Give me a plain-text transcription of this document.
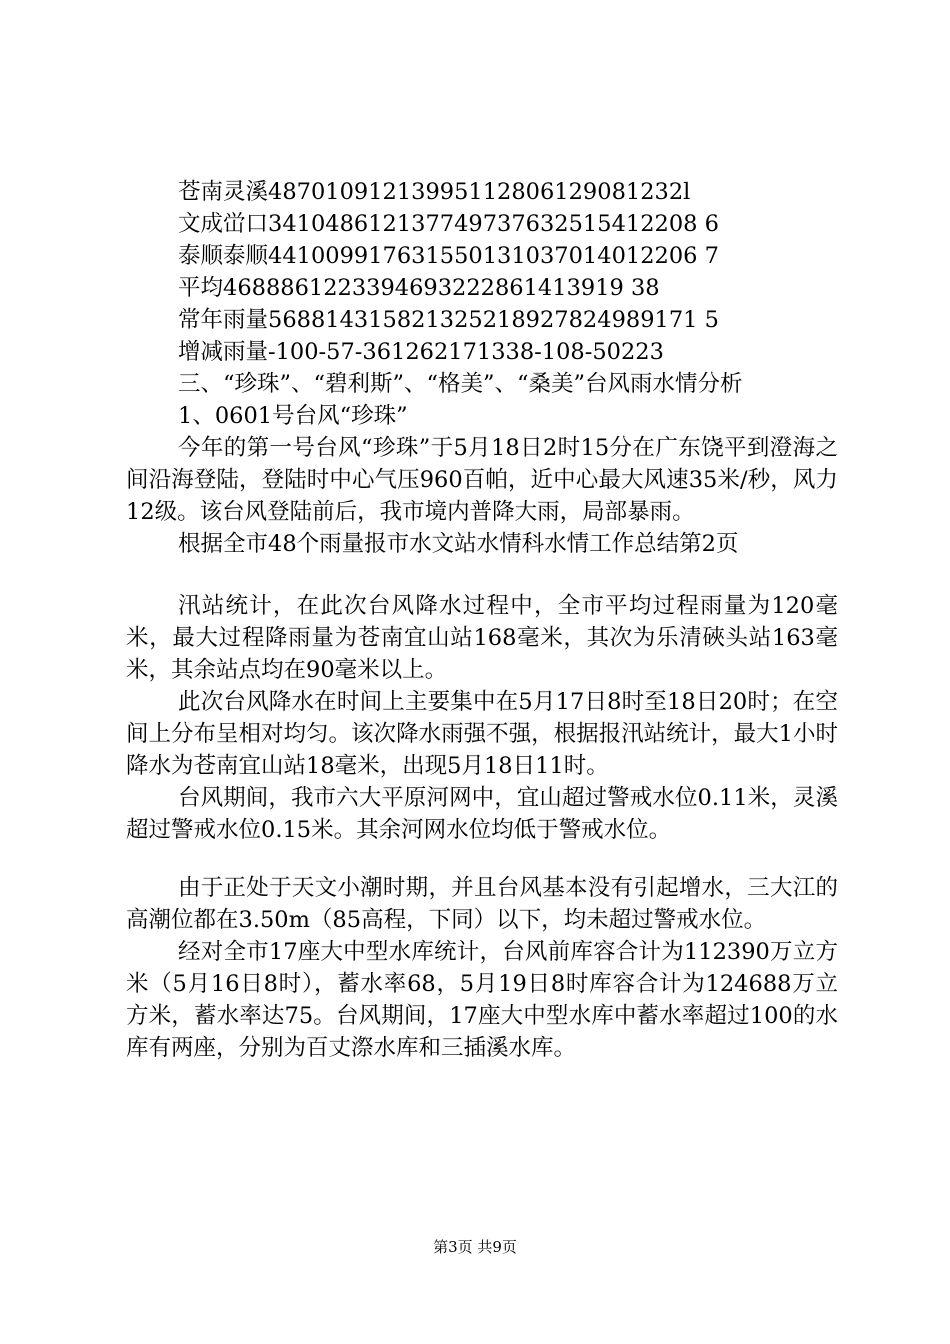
苍南灵溪48701091213995112806129081232l

文成峃口341048612137749737632515412208 6

泰顺泰顺441009917631550131037014012206 7

平均4688861223394693222861413919 38

常年雨量568814315821325218927824989171 5

增减雨量-100-57-361262171338-108-50223

三、“珍珠”、“碧利斯”、“格美”、“桑美”台风雨水情分析

1、0601号台风“珍珠”

今年的第一号台风“珍珠”于5月18日2时15分在广东饶平到澄海之间沿海登陆，登陆时中心气压960百帕，近中心最大风速35米/秒，风力12级。该台风登陆前后，我市境内普降大雨，局部暴雨。

根据全市48个雨量报市水文站水情科水情工作总结第2页

汛站统计，在此次台风降水过程中，全市平均过程雨量为120毫米，最大过程降雨量为苍南宜山站168毫米，其次为乐清硤头站163毫米，其余站点均在90毫米以上。

此次台风降水在时间上主要集中在5月17日8时至18日20时；在空间上分布呈相对均匀。该次降水雨强不强，根据报汛站统计，最大1小时降水为苍南宜山站18毫米，出现5月18日11时。

台风期间，我市六大平原河网中，宜山超过警戒水位0.11米，灵溪超过警戒水位0.15米。其余河网水位均低于警戒水位。

由于正处于天文小潮时期，并且台风基本没有引起增水，三大江的高潮位都在3.50m（85高程，下同）以下，均未超过警戒水位。

经对全市17座大中型水库统计，台风前库容合计为112390万立方米（5月16日8时），蓄水率68，5月19日8时库容合计为124688万立方米，蓄水率达75。台风期间，17座大中型水库中蓄水率超过100的水库有两座，分别为百丈漈水库和三插溪水库。

第3页 共9页
